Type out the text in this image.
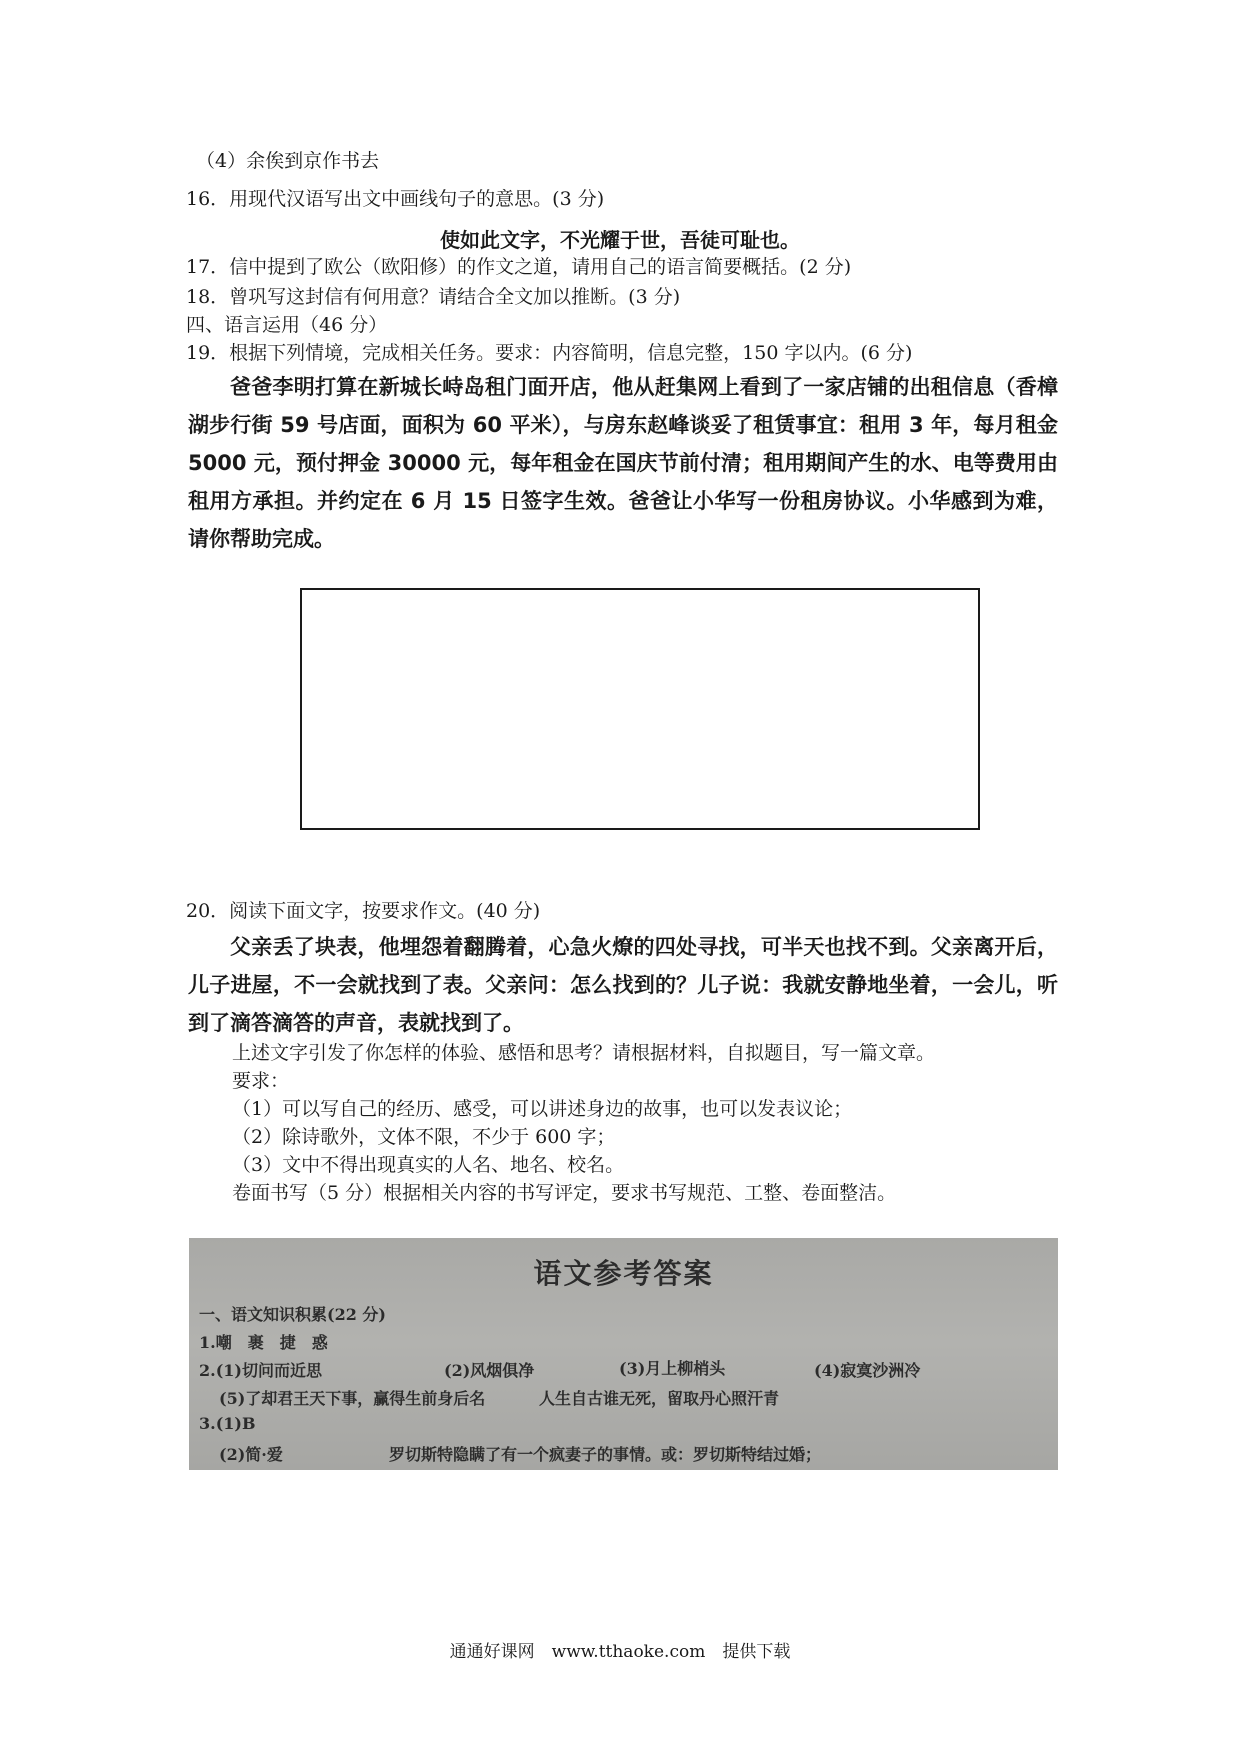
（4）余俟到京作书去
16．用现代汉语写出文中画线句子的意思。(3 分)
使如此文字，不光耀于世，吾徒可耻也。
17．信中提到了欧公（欧阳修）的作文之道，请用自己的语言简要概括。(2 分)
18．曾巩写这封信有何用意？请结合全文加以推断。(3 分)
四、语言运用（46 分）
19．根据下列情境，完成相关任务。要求：内容简明，信息完整，150 字以内。(6 分)

爸爸李明打算在新城长峙岛租门面开店，他从赶集网上看到了一家店铺的出租信息（香樟湖步行街 59 号店面，面积为 60 平米），与房东赵峰谈妥了租赁事宜：租用 3 年，每月租金 5000 元，预付押金 30000 元，每年租金在国庆节前付清；租用期间产生的水、电等费用由租用方承担。并约定在 6 月 15 日签字生效。爸爸让小华写一份租房协议。小华感到为难，请你帮助完成。

20．阅读下面文字，按要求作文。(40 分)

父亲丢了块表，他埋怨着翻腾着，心急火燎的四处寻找，可半天也找不到。父亲离开后，儿子进屋，不一会就找到了表。父亲问：怎么找到的？儿子说：我就安静地坐着，一会儿，听到了滴答滴答的声音，表就找到了。

上述文字引发了你怎样的体验、感悟和思考？请根据材料，自拟题目，写一篇文章。
要求：
（1）可以写自己的经历、感受，可以讲述身边的故事，也可以发表议论；
（2）除诗歌外，文体不限，不少于 600 字；
（3）文中不得出现真实的人名、地名、校名。
卷面书写（5 分）根据相关内容的书写评定，要求书写规范、工整、卷面整洁。
语文参考答案
一、语文知识积累(22 分)
1.嘲　裹　捷　惑
2.(1)切问而近思	(2)风烟俱净	(3)月上柳梢头	(4)寂寞沙洲冷
(5)了却君王天下事，赢得生前身后名	人生自古谁无死，留取丹心照汗青
3.(1)B
(2)简·爱	罗切斯特隐瞒了有一个疯妻子的事情。或：罗切斯特结过婚；
通通好课网　www.tthaoke.com　提供下载
